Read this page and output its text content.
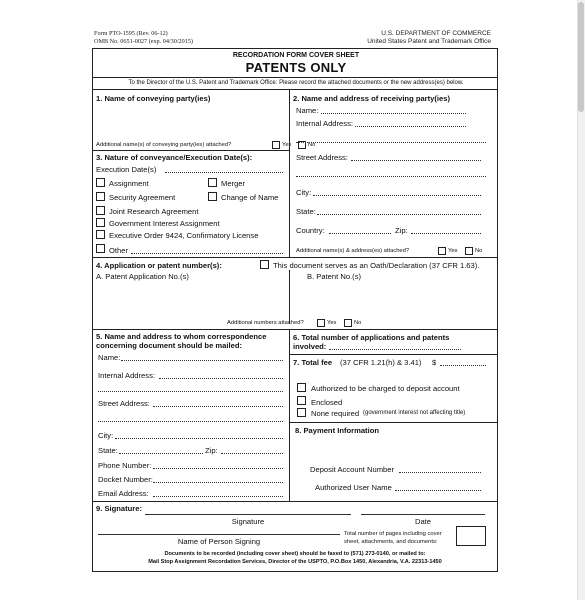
Form PTO-1595 (Rev. 06-12)
OMB No. 0651-0027 (exp. 04/30/2015)
U.S. DEPARTMENT OF COMMERCE
United States Patent and Trademark Office
RECORDATION FORM COVER SHEET
PATENTS ONLY
To the Director of the U.S. Patent and Trademark Office: Please record the attached documents or the new address(es) below.
1. Name of conveying party(ies)
Additional name(s) of conveying party(ies) attached?	Yes	No
3. Nature of conveyance/Execution Date(s):
Execution Date(s)
Assignment	Merger
Security Agreement	Change of Name
Joint Research Agreement
Government Interest Assignment
Executive Order 9424, Confirmatory License
Other
2. Name and address of receiving party(ies)
Name:
Internal Address:
Street Address:
City:
State:
Country:	Zip:
Additional name(s) & address(es) attached?	Yes	No
4. Application or patent number(s):	This document serves as an Oath/Declaration (37 CFR 1.63).
A. Patent Application No.(s)	B. Patent No.(s)
Additional numbers attached?	Yes	No
5. Name and address to whom correspondence
concerning document should be mailed:
Name:
Internal Address:
Street Address:
City:
State:	Zip:
Phone Number:
Docket Number:
Email Address:
6. Total number of applications and patents
involved:
7. Total fee (37 CFR 1.21(h) & 3.41) $
Authorized to be charged to deposit account
Enclosed
None required (government interest not affecting title)
8. Payment Information
Deposit Account Number
Authorized User Name
9. Signature:
Signature	Date
Name of Person Signing
Total number of pages including cover
sheet, attachments, and documents:
Documents to be recorded (including cover sheet) should be faxed to (571) 273-0140, or mailed to:
Mail Stop Assignment Recordation Services, Director of the USPTO, P.O.Box 1450, Alexandria, V.A. 22313-1450
